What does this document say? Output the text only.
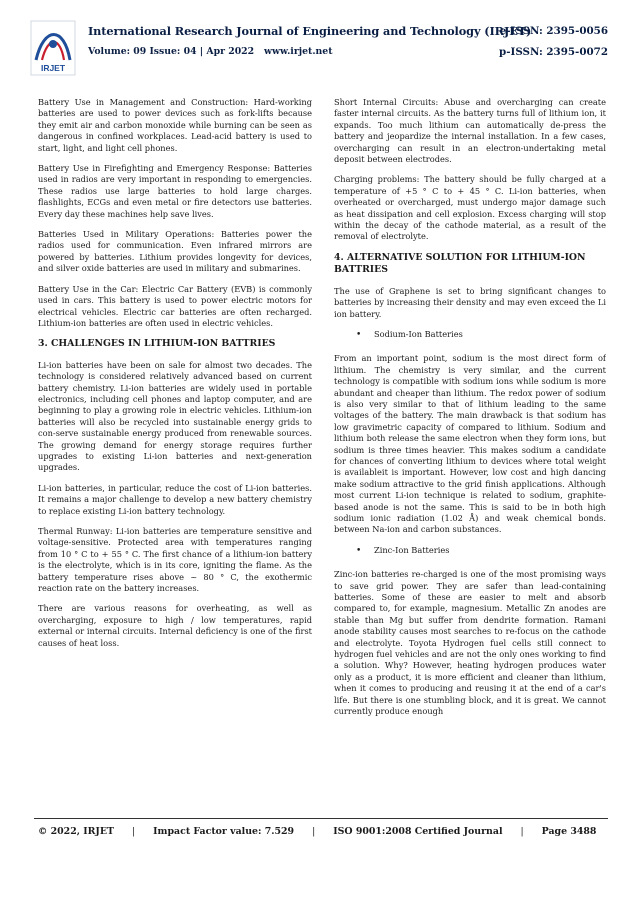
IRJET
International Research Journal of Engineering and Technology (IRJET)
e-ISSN: 2395-0056
Volume: 09 Issue: 04 | Apr 2022 www.irjet.net	p-ISSN: 2395-0072

Battery Use in Management and Construction: Hard-working batteries are used to power devices such as fork-lifts because they emit air and carbon monoxide while burning can be seen as dangerous in confined workplaces. Lead-acid battery is used to start, light, and light cell phones.

Battery Use in Firefighting and Emergency Response: Batteries used in radios are very important in responding to emergencies. These radios use large batteries to hold large charges. flashlights, ECGs and even metal or fire detectors use batteries. Every day these machines help save lives.

Batteries Used in Military Operations: Batteries power the radios used for communication. Even infrared mirrors are powered by batteries. Lithium provides longevity for devices, and silver oxide batteries are used in military and submarines.

Battery Use in the Car: Electric Car Battery (EVB) is commonly used in cars. This battery is used to power electric motors for electrical vehicles. Electric car batteries are often recharged. Lithium-ion batteries are often used in electric vehicles.

3. CHALLENGES IN LITHIUM-ION BATTRIES

Li-ion batteries have been on sale for almost two decades. The technology is considered relatively advanced based on current battery chemistry. Li-ion batteries are widely used in portable electronics, including cell phones and laptop computer, and are beginning to play a growing role in electric vehicles. Lithium-ion batteries will also be recycled into sustainable energy grids to con-serve sustainable energy produced from renewable sources. The growing demand for energy storage requires further upgrades to existing Li-ion batteries and next-generation upgrades.

Li-ion batteries, in particular, reduce the cost of Li-ion batteries. It remains a major challenge to develop a new battery chemistry to replace existing Li-ion battery technology.

Thermal Runway: Li-ion batteries are temperature sensitive and voltage-sensitive. Protected area with temperatures ranging from 10 ° C to + 55 ° C. The first chance of a lithium-ion battery is the electrolyte, which is in its core, igniting the flame. As the battery temperature rises above ~ 80 ° C, the exothermic reaction rate on the battery increases.

There are various reasons for overheating, as well as overcharging, exposure to high / low temperatures, rapid external or internal circuits. Internal deficiency is one of the first causes of heat loss.

Short Internal Circuits: Abuse and overcharging can create faster internal circuits. As the battery turns full of lithium ion, it expands. Too much lithium can automatically de-press the battery and jeopardize the internal installation. In a few cases, overcharging can result in an electron-undertaking metal deposit between electrodes.

Charging problems: The battery should be fully charged at a temperature of +5 ° C to + 45 ° C. Li-ion batteries, when overheated or overcharged, must undergo major damage such as heat dissipation and cell explosion. Excess charging will stop within the decay of the cathode material, as a result of the removal of electrolyte.

4. ALTERNATIVE SOLUTION FOR LITHIUM-ION BATTRIES

The use of Graphene is set to bring significant changes to batteries by increasing their density and may even exceed the Li ion battery.

• Sodium-Ion Batteries

From an important point, sodium is the most direct form of lithium. The chemistry is very similar, and the current technology is compatible with sodium ions while sodium is more abundant and cheaper than lithium. The redox power of sodium is also very similar to that of lithium leading to the same voltages of the battery. The main drawback is that sodium has low gravimetric capacity of compared to lithium. Sodium and lithium both release the same electron when they form ions, but sodium is three times heavier. This makes sodium a candidate for chances of converting lithium to devices where total weight is availableit is important. However, low cost and high dancing make sodium attractive to the grid finish applications. Although most current Li-ion technique is related to sodium, graphite-based anode is not the same. This is said to be in both high sodium ionic radiation (1.02 Å) and weak chemical bonds. between Na-ion and carbon substances.

• Zinc-Ion Batteries

Zinc-ion batteries re-charged is one of the most promising ways to save grid power. They are safer than lead-containing batteries. Some of these are easier to melt and absorb compared to, for example, magnesium. Metallic Zn anodes are stable than Mg but suffer from dendrite formation. Ramani anode stability causes most searches to re-focus on the cathode and electrolyte. Toyota Hydrogen fuel cells still connect to hydrogen fuel vehicles and are not the only ones working to find a solution. Why? However, heating hydrogen produces water only as a product, it is more efficient and cleaner than lithium, when it comes to producing and reusing it at the end of a car's life. But there is one stumbling block, and it is great. We cannot currently produce enough

© 2022, IRJET | Impact Factor value: 7.529 | ISO 9001:2008 Certified Journal | Page 3488
